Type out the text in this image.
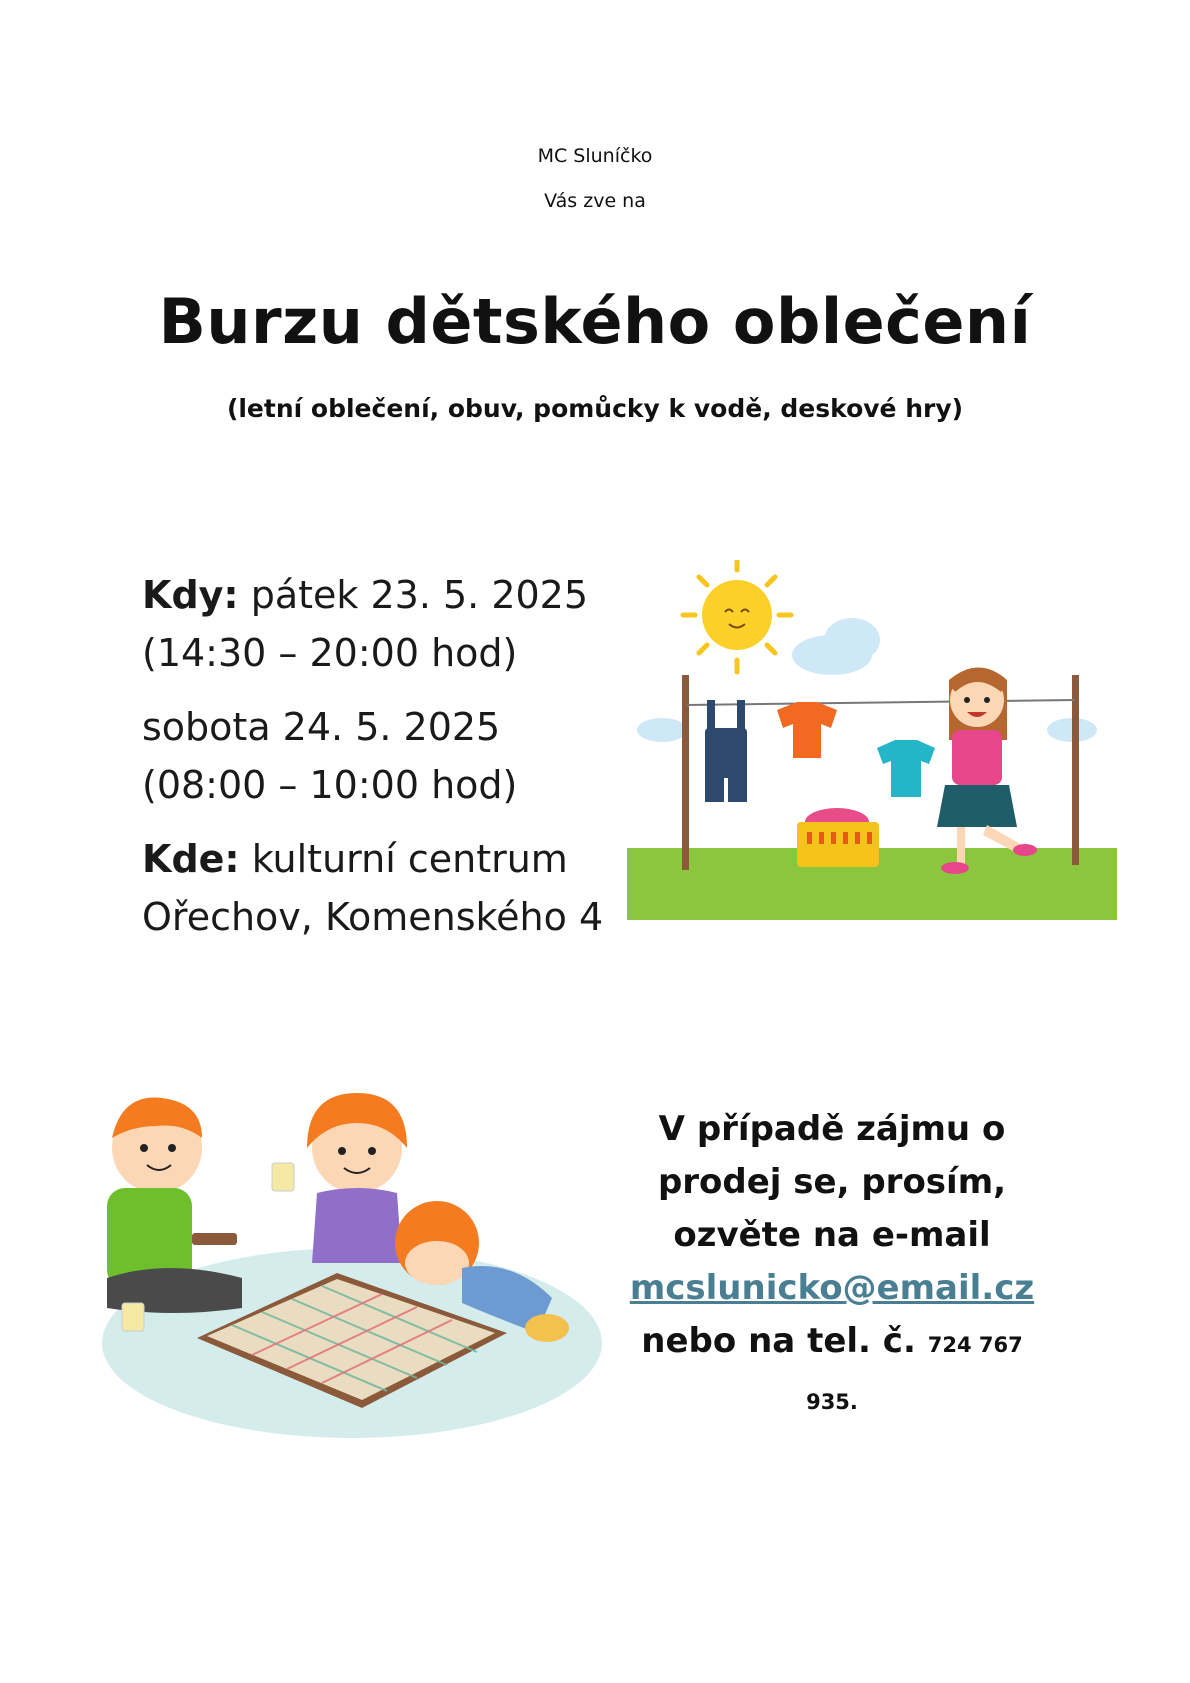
MC Sluníčko
Vás zve na
Burzu dětského oblečení
(letní oblečení, obuv, pomůcky k vodě, deskové hry)
Kdy: pátek 23. 5. 2025
(14:30 – 20:00 hod)
sobota 24. 5. 2025
(08:00 – 10:00 hod)
Kde: kulturní centrum
Ořechov, Komenského 4
V případě zájmu o
prodej se, prosím,
ozvěte na e-mail
mcslunicko@email.cz
nebo na tel. č. 724 767 935.
